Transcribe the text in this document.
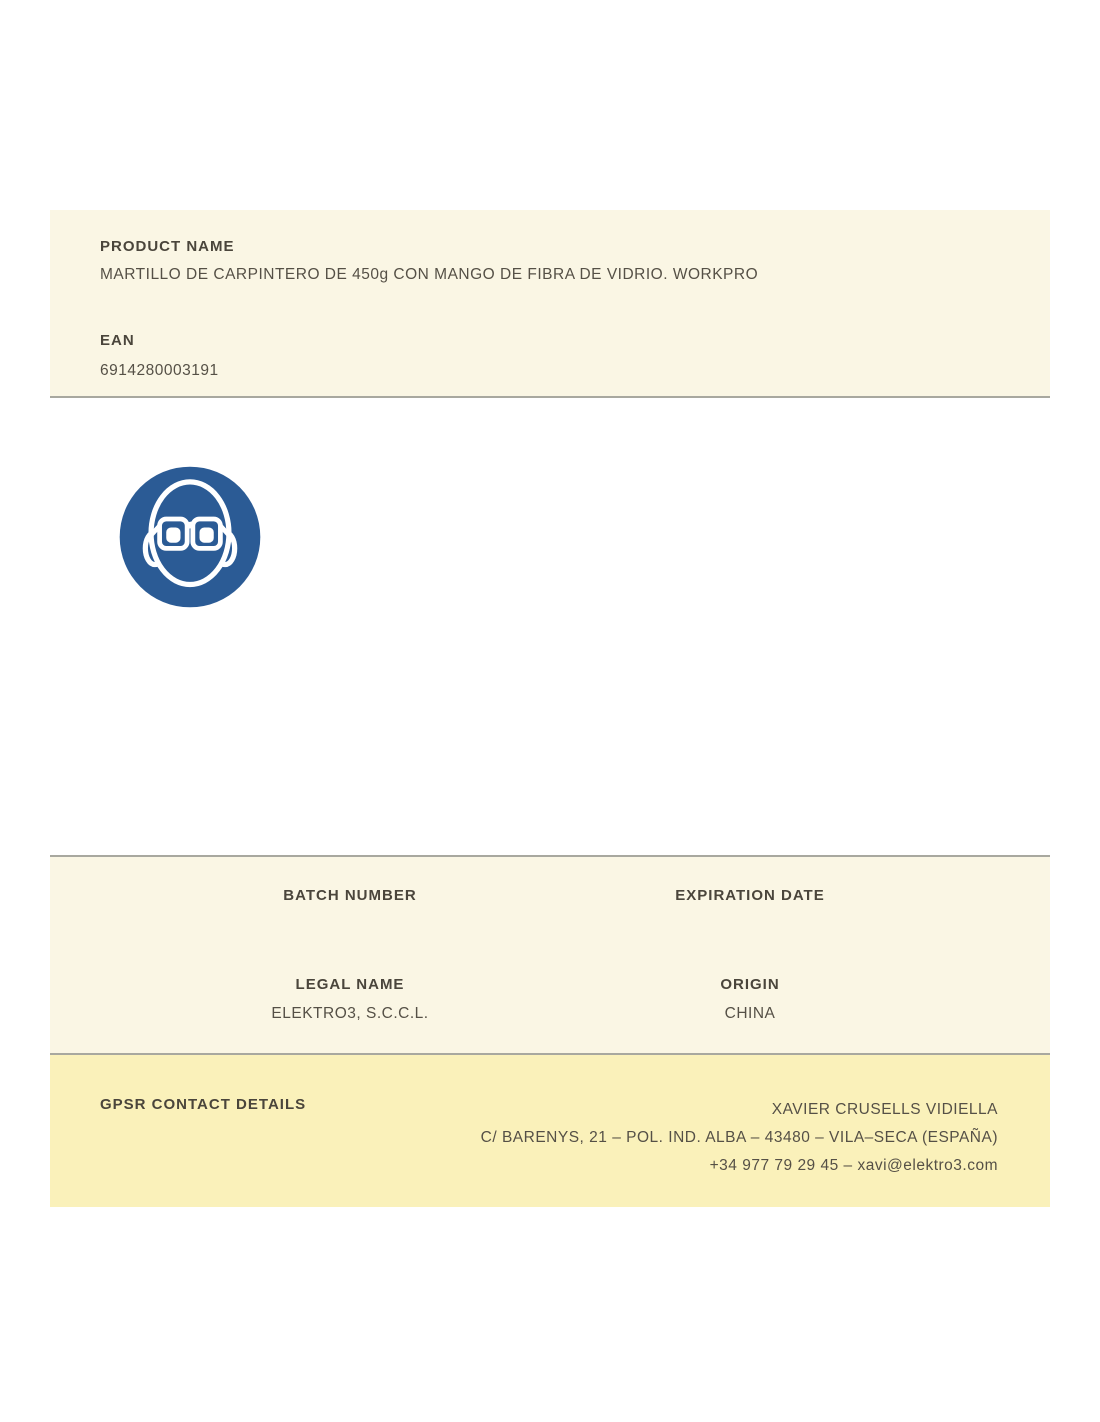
PRODUCT NAME
MARTILLO DE CARPINTERO DE 450g CON MANGO DE FIBRA DE VIDRIO. WORKPRO
EAN
6914280003191
BATCH NUMBER	EXPIRATION DATE
LEGAL NAME
ELEKTRO3, S.C.C.L.
ORIGIN
CHINA
GPSR CONTACT DETAILS	XAVIER CRUSELLS VIDIELLA
C/ BARENYS, 21 – POL. IND. ALBA – 43480 – VILA–SECA (ESPAÑA)
+34 977 79 29 45 – xavi@elektro3.com
